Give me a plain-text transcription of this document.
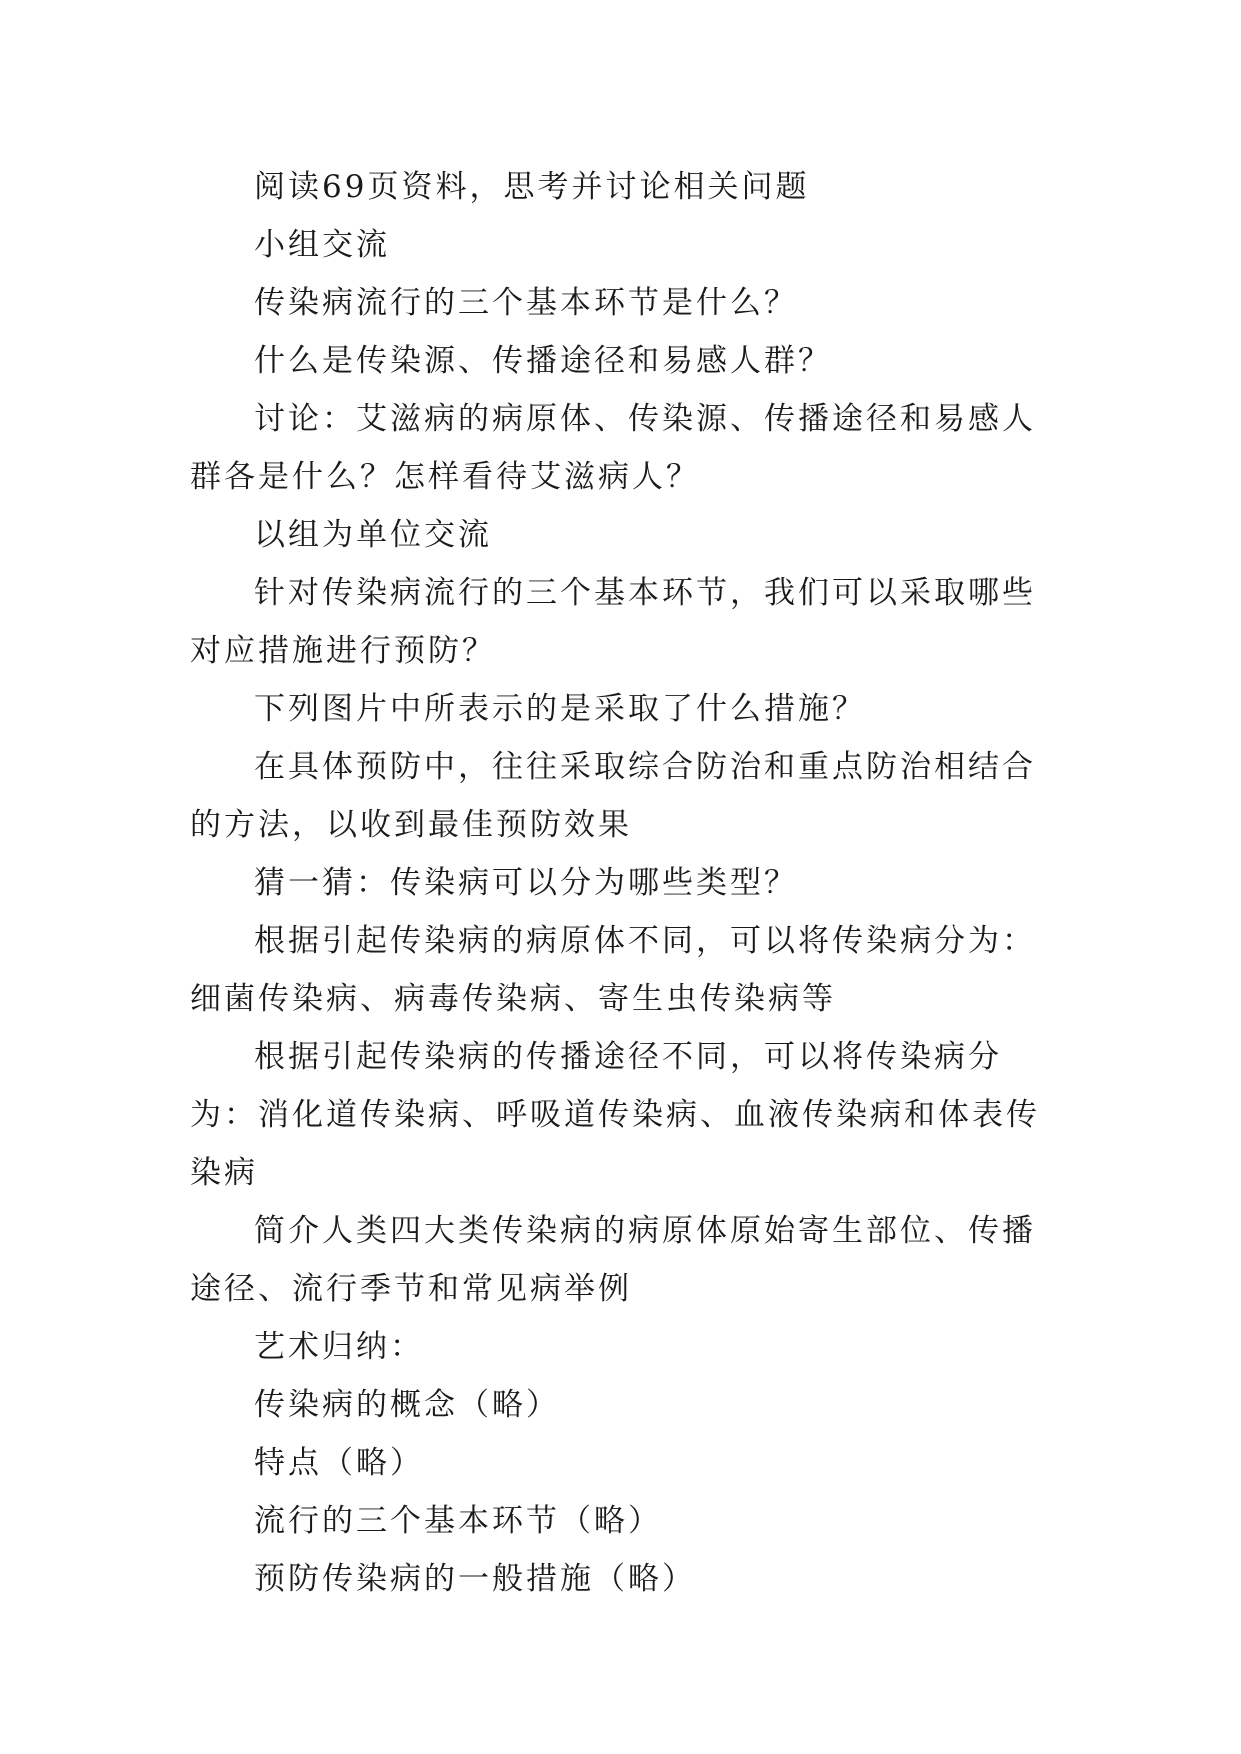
阅读69页资料，思考并讨论相关问题

小组交流

传染病流行的三个基本环节是什么？

什么是传染源、传播途径和易感人群？

讨论：艾滋病的病原体、传染源、传播途径和易感人群各是什么？怎样看待艾滋病人？

以组为单位交流

针对传染病流行的三个基本环节，我们可以采取哪些对应措施进行预防？

下列图片中所表示的是采取了什么措施？

在具体预防中，往往采取综合防治和重点防治相结合的方法，以收到最佳预防效果

猜一猜：传染病可以分为哪些类型？

根据引起传染病的病原体不同，可以将传染病分为：细菌传染病、病毒传染病、寄生虫传染病等

根据引起传染病的传播途径不同，可以将传染病分为：消化道传染病、呼吸道传染病、血液传染病和体表传染病

简介人类四大类传染病的病原体原始寄生部位、传播途径、流行季节和常见病举例

艺术归纳：

传染病的概念（略）

特点（略）

流行的三个基本环节（略）

预防传染病的一般措施（略）
